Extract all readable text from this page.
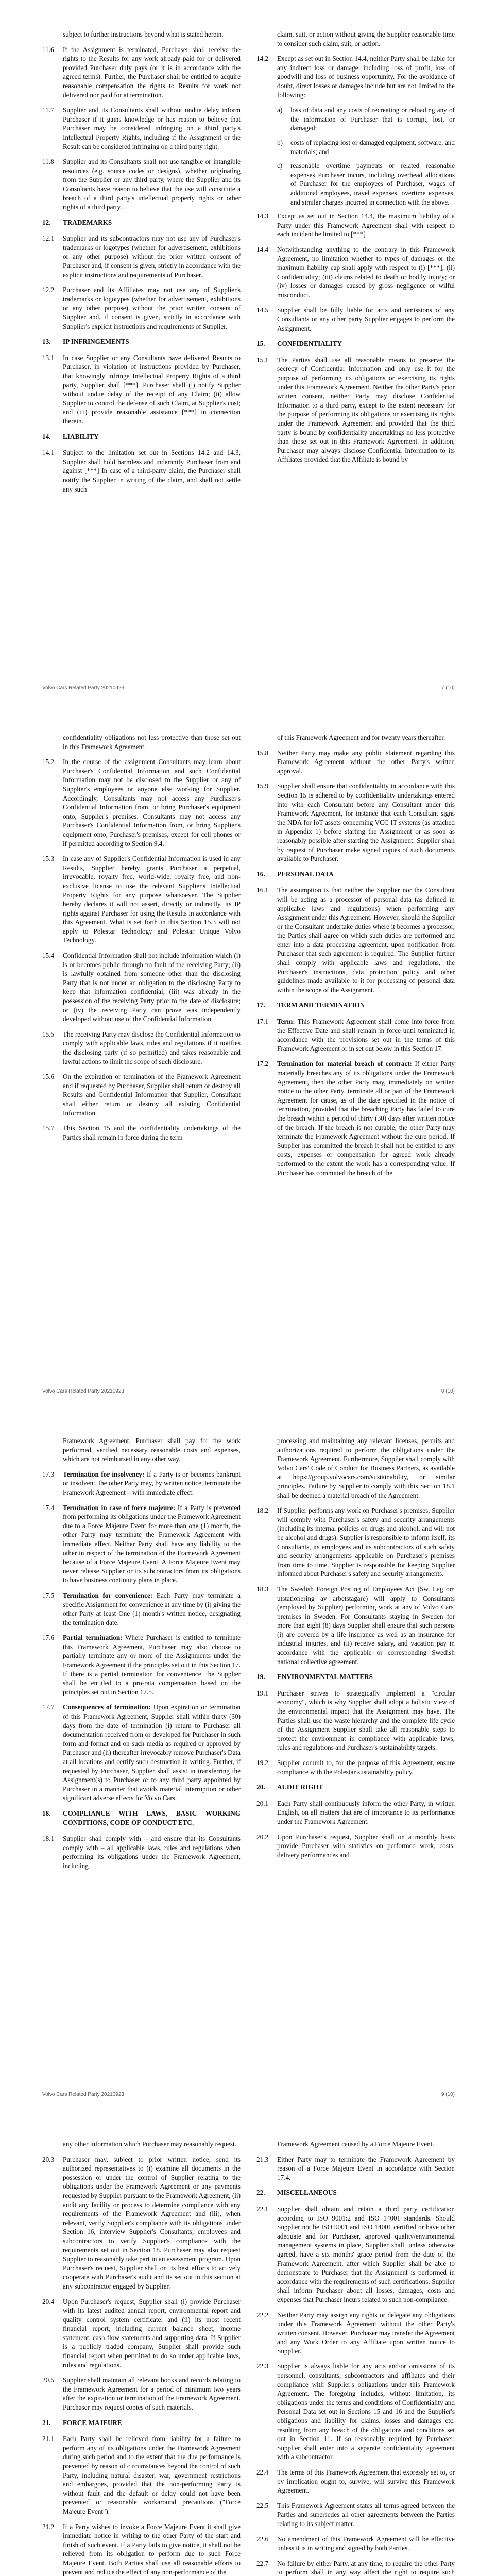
subject to further instructions beyond what is stated herein.
11.6	If the Assignment is terminated, Purchaser shall receive the rights to the Results for any work already paid for or delivered provided Purchaser duly pays (or it is in accordance with the agreed terms). Further, the Purchaser shall be entitled to acquire reasonable compensation the rights to Results for work not delivered nor paid for at termination.
11.7	Supplier and its Consultants shall without undue delay inform Purchaser if it gains knowledge or has reason to believe that Purchaser may be considered infringing on a third party's Intellectual Property Rights, including if the Assignment or the Result can be considered infringing on a third party right.
11.8	Supplier and its Consultants shall not use tangible or intangible resources (e.g. source codes or designs), whether originating from the Supplier or any third party, where the Supplier and its Consultants have reason to believe that the use will constitute a breach of a third party's intellectual property rights or other rights of a third party.
12.	TRADEMARKS
12.1	Supplier and its subcontractors may not use any of Purchaser's trademarks or logotypes (whether for advertisement, exhibitions or any other purpose) without the prior written consent of Purchaser and, if consent is given, strictly in accordance with the explicit instructions and requirements of Purchaser.
12.2	Purchaser and its Affiliates may not use any of Supplier's trademarks or logotypes (whether for advertisement, exhibitions or any other purpose) without the prior written consent of Supplier and, if consent is given, strictly in accordance with Supplier's explicit instructions and requirements of Supplier.
13.	IP INFRINGEMENTS
13.1	In case Supplier or any Consultants have delivered Results to Purchaser, in violation of instructions provided by Purchaser, that knowingly infringe Intellectual Property Rights of a third party, Supplier shall [***]. Purchaser shall (i) notify Supplier without undue delay of the receipt of any Claim; (ii) allow Supplier to control the defense of such Claim, at Supplier's cost; and (iii) provide reasonable assistance [***] in connection therein.
14.	LIABILITY
14.1	Subject to the limitation set out in Sections 14.2 and 14.3, Supplier shall hold harmless and indemnify Purchaser from and against [***] In case of a third-party claim, the Purchaser shall notify the Supplier in writing of the claim, and shall not settle any such
claim, suit, or action without giving the Supplier reasonable time to consider such claim, suit, or action.
14.2	Except as set out in Section 14.4, neither Party shall be liable for any indirect loss or damage, including loss of profit, loss of goodwill and loss of business opportunity. For the avoidance of doubt, direct losses or damages include but are not limited to the following:
a)	loss of data and any costs of recreating or reloading any of the information of Purchaser that is corrupt, lost, or damaged;
b)	costs of replacing lost or damaged equipment, software, and materials; and
c)	reasonable overtime payments or related reasonable expenses Purchaser incurs, including overhead allocations of Purchaser for the employees of Purchaser, wages of additional employees, travel expenses, overtime expenses, and similar charges incurred in connection with the above.
14.3	Except as set out in Section 14.4, the maximum liability of a Party under this Framework Agreement shall with respect to each incident be limited to [***]
14.4	Notwithstanding anything to the contrary in this Framework Agreement, no limitation whether to types of damages or the maximum liability cap shall apply with respect to (i) [***]; (ii) Confidentiality; (iii) claims related to death or bodily injury; or (iv) losses or damages caused by gross negligence or wilful misconduct.
14.5	Supplier shall be fully liable for acts and omissions of any Consultants or any other party Supplier engages to perform the Assignment.
15.	CONFIDENTIALITY
15.1	The Parties shall use all reasonable means to preserve the secrecy of Confidential Information and only use it for the purpose of performing its obligations or exercising its rights under this Framework Agreement. Neither the other Party's prior written consent, neither Party may disclose Confidential Information to a third party, except to the extent necessary for the purpose of performing its obligations or exercising its rights under the Framework Agreement and provided that the third party is bound by confidentiality undertakings no less protective than those set out in this Framework Agreement. In addition, Purchaser may always disclose Confidential Information to its Affiliates provided that the Affiliate is bound by
Volvo Cars Related Party 20210923	7 (10)
confidentiality obligations not less protective than those set out in this Framework Agreement.
15.2	In the course of the assignment Consultants may learn about Purchaser's Confidential Information and such Confidential Information may not be disclosed to the Supplier or any of Supplier's employees or anyone else working for Supplier. Accordingly, Consultants may not access any Purchaser's Confidential Information from, or bring Purchaser's equipment onto, Supplier's premises. Consultants may not access any Purchaser's Confidential Information from, or bring Supplier's equipment onto, Purchaser's premises, except for cell phones or if permitted according to Section 9.4.
15.3	In case any of Supplier's Confidential Information is used in any Results, Supplier hereby grants Purchaser a perpetual, irrevocable, royalty free, world-wide, royalty free, and non-exclusive license to use the relevant Supplier's Intellectual Property Rights for any purpose whatsoever. The Supplier hereby declares it will not assert, directly or indirectly, its IP rights against Purchaser for using the Results in accordance with this Agreement. What is set forth in this Section 15.3 will not apply to Polestar Technology and Polestar Unique Volvo Technology.
15.4	Confidential Information shall not include information which (i) is or becomes public through no fault of the receiving Party; (ii) is lawfully obtained from someone other than the disclosing Party that is not under an obligation to the disclosing Party to keep that information confidential; (iii) was already in the possession of the receiving Party prior to the date of disclosure; or (iv) the receiving Party can prove was independently developed without use of the Confidential Information.
15.5	The receiving Party may disclose the Confidential Information to comply with applicable laws, rules and regulations if it notifies the disclosing party (if so permitted) and takes reasonable and lawful actions to limit the scope of such disclosure.
15.6	On the expiration or termination of the Framework Agreement and if requested by Purchaser, Supplier shall return or destroy all Results and Confidential Information that Supplier, Consultant shall either return or destroy all existing Confidential Information.
15.7	This Section 15 and the confidentiality undertakings of the Parties shall remain in force during the term
of this Framework Agreement and for twenty years thereafter.
15.8	Neither Party may make any public statement regarding this Framework Agreement without the other Party's written approval.
15.9	Supplier shall ensure that confidentiality in accordance with this Section 15 is adhered to by confidentiality undertakings entered into with each Consultant before any Consultant under this Framework Agreement, for instance that each Consultant signs the NDA for IoT assets concerning VCC IT systems (as attached in Appendix 1) before starting the Assignment or as soon as reasonably possible after starting the Assignment. Supplier shall by request of Purchaser make signed copies of such documents available to Purchaser.
16.	PERSONAL DATA
16.1	The assumption is that neither the Supplier nor the Consultant will be acting as a processor of personal data (as defined in applicable laws and regulations) when performing any Assignment under this Agreement. However, should the Supplier or the Consultant undertake duties where it becomes a processor, the Parties shall agree on which such duties are performed and enter into a data processing agreement, upon notification from Purchaser that such agreement is required. The Supplier further shall comply with applicable laws and regulations, the Purchaser's instructions, data protection policy and other guidelines made available to it for processing of personal data within the scope of the Assignment.
17.	TERM AND TERMINATION
17.1	Term: This Framework Agreement shall come into force from the Effective Date and shall remain in force until terminated in accordance with the provisions set out in the terms of this Framework Agreement or in set out below in this Section 17.
17.2	Termination for material breach of contract: If either Party materially breaches any of its obligations under the Framework Agreement, then the other Party may, immediately on written notice to the other Party, terminate all or part of the Framework Agreement for cause, as of the date specified in the notice of termination, provided that the breaching Party has failed to cure the breach within a period of thirty (30) days after written notice of the breach. If the breach is not curable, the other Party may terminate the Framework Agreement without the cure period. If Supplier has committed the breach it shall not be entitled to any costs, expenses or compensation for agreed work already performed to the extent the work has a corresponding value. If Purchaser has committed the breach of the
Volvo Cars Related Party 20210923	8 (10)
Framework Agreement, Purchaser shall pay for the work performed, verified necessary reasonable costs and expenses, which are not reimbursed in any other way.
17.3	Termination for insolvency: If a Party is or becomes bankrupt or insolvent, the other Party may, by written notice, terminate the Framework Agreement – with immediate effect.
17.4	Termination in case of force majeure: If a Party is prevented from performing its obligations under the Framework Agreement due to a Force Majeure Event for more than one (1) month, the other Party may terminate the Framework Agreement with immediate effect. Neither Party shall have any liability to the other in respect of the termination of the Framework Agreement because of a Force Majeure Event. A Force Majeure Event may never release Supplier or its subcontractors from its obligations to have business continuity plans in place.
17.5	Termination for convenience: Each Party may terminate a specific Assignment for convenience at any time by (i) giving the other Party at least One (1) month's written notice, designating the termination date.
17.6	Partial termination: Where Purchaser is entitled to terminate this Framework Agreement, Purchaser may also choose to partially terminate any or more of the Assignments under the Framework Agreement if the principles set out in this Section 17. If there is a partial termination for convenience, the Supplier shall be entitled to a pro-rata compensation based on the principles set out in Section 17.5.
17.7	Consequences of termination: Upon expiration or termination of this Framework Agreement, Supplier shall within thirty (30) days from the date of termination (i) return to Purchaser all documentation received from or developed for Purchaser in such form and format and on such media as required or approved by Purchaser and (ii) thereafter irrevocably remove Purchaser's Data at all locations and certify such destruction in writing. Further, if requested by Purchaser, Supplier shall assist in transferring the Assignment(s) to Purchaser or to any third party appointed by Purchaser in a manner that avoids material interruption or other significant adverse effects for Volvo Cars.
18.	COMPLIANCE WITH LAWS, BASIC WORKING CONDITIONS, CODE OF CONDUCT ETC.
18.1	Supplier shall comply with – and ensure that its Consultants comply with – all applicable laws, rules and regulations when performing its obligations under the Framework Agreement, including
processing and maintaining any relevant licenses, permits and authorizations required to perform the obligations under the Framework Agreement. Furthermore, Supplier shall comply with Volvo Cars' Code of Conduct for Business Partners, as available at https://group.volvocars.com/sustainability, or similar principles. Failure by Supplier to comply with this Section 18.1 shall be deemed a material breach of the Agreement.
18.2	If Supplier performs any work on Purchaser's premises, Supplier will comply with Purchaser's safety and security arrangements (including its internal policies on drugs and alcohol, and will not be alcohol and drugs). Supplier is responsible to inform itself, its Consultants, its employees and its subcontractors of such safety and security arrangements applicable on Purchaser's premises from time to time. Supplier is responsible for keeping Supplier informed about Purchaser's safety and security arrangements.
18.3	The Swedish Foreign Posting of Employees Act (Sw. Lag om utstationering av arbetstagare) will apply to Consultants (employed by Supplier) performing work at any of Volvo Cars' premises in Sweden. For Consultants staying in Sweden for more than eight (8) days Supplier shall ensure that such persons (i) are covered by a life insurance as well as an insurance for industrial injuries, and (ii) receive salary, and vacation pay in accordance with the applicable or corresponding Swedish national collective agreement.
19.	ENVIRONMENTAL MATTERS
19.1	Purchaser strives to strategically implement a "circular economy", which is why Supplier shall adopt a holistic view of the environmental impact that the Assignment may have. The Parties shall use the waste hierarchy and the complete life cycle of the Assignment Supplier shall take all reasonable steps to protect the environment in compliance with applicable laws, rules and regulations and Purchaser's sustainability targets.
19.2	Supplier commit to, for the purpose of this Agreement, ensure compliance with the Polestar sustainability policy.
20.	AUDIT RIGHT
20.1	Each Party shall continuously inform the other Party, in written English, on all matters that are of importance to its performance under the Framework Agreement.
20.2	Upon Purchaser's request, Supplier shall on a monthly basis provide Purchaser with statistics on performed work, costs, delivery performances and
Volvo Cars Related Party 20210923	9 (10)
any other information which Purchaser may reasonably request.
20.3	Purchaser may, subject to prior written notice, send its authorized representatives to (i) examine all documents in the possession or under the control of Supplier relating to the obligations under the Framework Agreement or any payments requested by Supplier pursuant to the Framework Agreement, (ii) audit any facility or process to determine compliance with any requirements of the Framework Agreement and (iii), when relevant, verify Supplier's compliance with its obligations under Section 16, interview Supplier's Consultants, employees and subcontractors to verify Supplier's compliance with the requirements set out in Section 18. Purchaser may also request Supplier to reasonably take part in an assessment program. Upon Purchaser's request, Supplier shall on its best efforts to actively cooperate with Purchaser's audit and its set out in this section at any subcontractor engaged by Supplier.
20.4	Upon Purchaser's request, Supplier shall (i) provide Purchaser with its latest audited annual report, environmental report and quality control system certificate; and (ii) its most recent financial report, including current balance sheet, income statement, cash flow statements and supporting data. If Supplier is a publicly traded company, Supplier shall provide such financial report when permitted to do so under applicable laws, rules and regulations.
20.5	Supplier shall maintain all relevant books and records relating to the Framework Agreement for a period of minimum two years after the expiration or termination of the Framework Agreement. Purchaser may request copies of such materials.
21.	FORCE MAJEURE
21.1	Each Party shall be relieved from liability for a failure to perform any of its obligations under the Framework Agreement during such period and to the extent that the due performance is prevented by reason of circumstances beyond the control of such Party, including natural disaster, war, government restrictions and embargoes, provided that the non-performing Party is without fault and the default or delay could not have been prevented or reasonable workaround precautions ("Force Majeure Event").
21.2	If a Party wishes to invoke a Force Majeure Event it shall give immediate notice in writing to the other Party of the start and finish of such event. If a Party fails to give notice, it shall not be relieved from its obligation to perform due to such Force Majeure Event. Both Parties shall use all reasonable efforts to prevent and reduce the effect of any non-performance of the
Framework Agreement caused by a Force Majeure Event.
21.3	Either Party may to terminate the Framework Agreement by reason of a Force Majeure Event in accordance with Section 17.4.
22.	MISCELLANEOUS
22.1	Supplier shall obtain and retain a third party certification according to ISO 9001:2 and ISO 14001 standards. Should Supplier not be ISO 9001 and ISO 14001 certified or have other adequate and for Purchaser, approved quality/environmental management systems in place, Supplier shall, unless otherwise agreed, have a six months' grace period from the date of the Framework Agreement, after which Supplier shall be able to demonstrate to Purchaser that the Assignment is performed in accordance with the requirements of such certifications. Supplier shall inform Purchaser about all losses, damages, costs and expenses that Purchaser incurs related to such non-compliance.
22.2	Neither Party may assign any rights or delegate any obligations under this Framework Agreement without the other Party's written consent. However, Purchaser may transfer the Agreement and any Work Order to any Affiliate upon written notice to Supplier.
22.3	Supplier is always liable for any acts and/or omissions of its personnel, consultants, subcontractors and affiliates and their compliance with Supplier's obligations under this Framework Agreement. The foregoing includes, without limitation, its obligations under the terms and conditions of Confidentiality and Personal Data set out in Sections 15 and 16 and the Supplier's obligations and liability for claims, losses and damages etc. resulting from any breach of the obligations and conditions set out in Section 11. If so reasonably required by Purchaser, Supplier shall enter into a separate confidentiality agreement with a subcontractor.
22.4	The terms of this Framework Agreement that expressly set to, or by implication ought to, survive, will survive this Framework Agreement.
22.5	This Framework Agreement states all terms agreed between the Parties and supersedes all other agreements between the Parties relating to its subject matter.
22.6	No amendment of this Framework Agreement will be effective unless it is in writing and signed by both Parties.
22.7	No failure by either Party, at any time, to require the other Party to perform shall in any way affect the right to require such
